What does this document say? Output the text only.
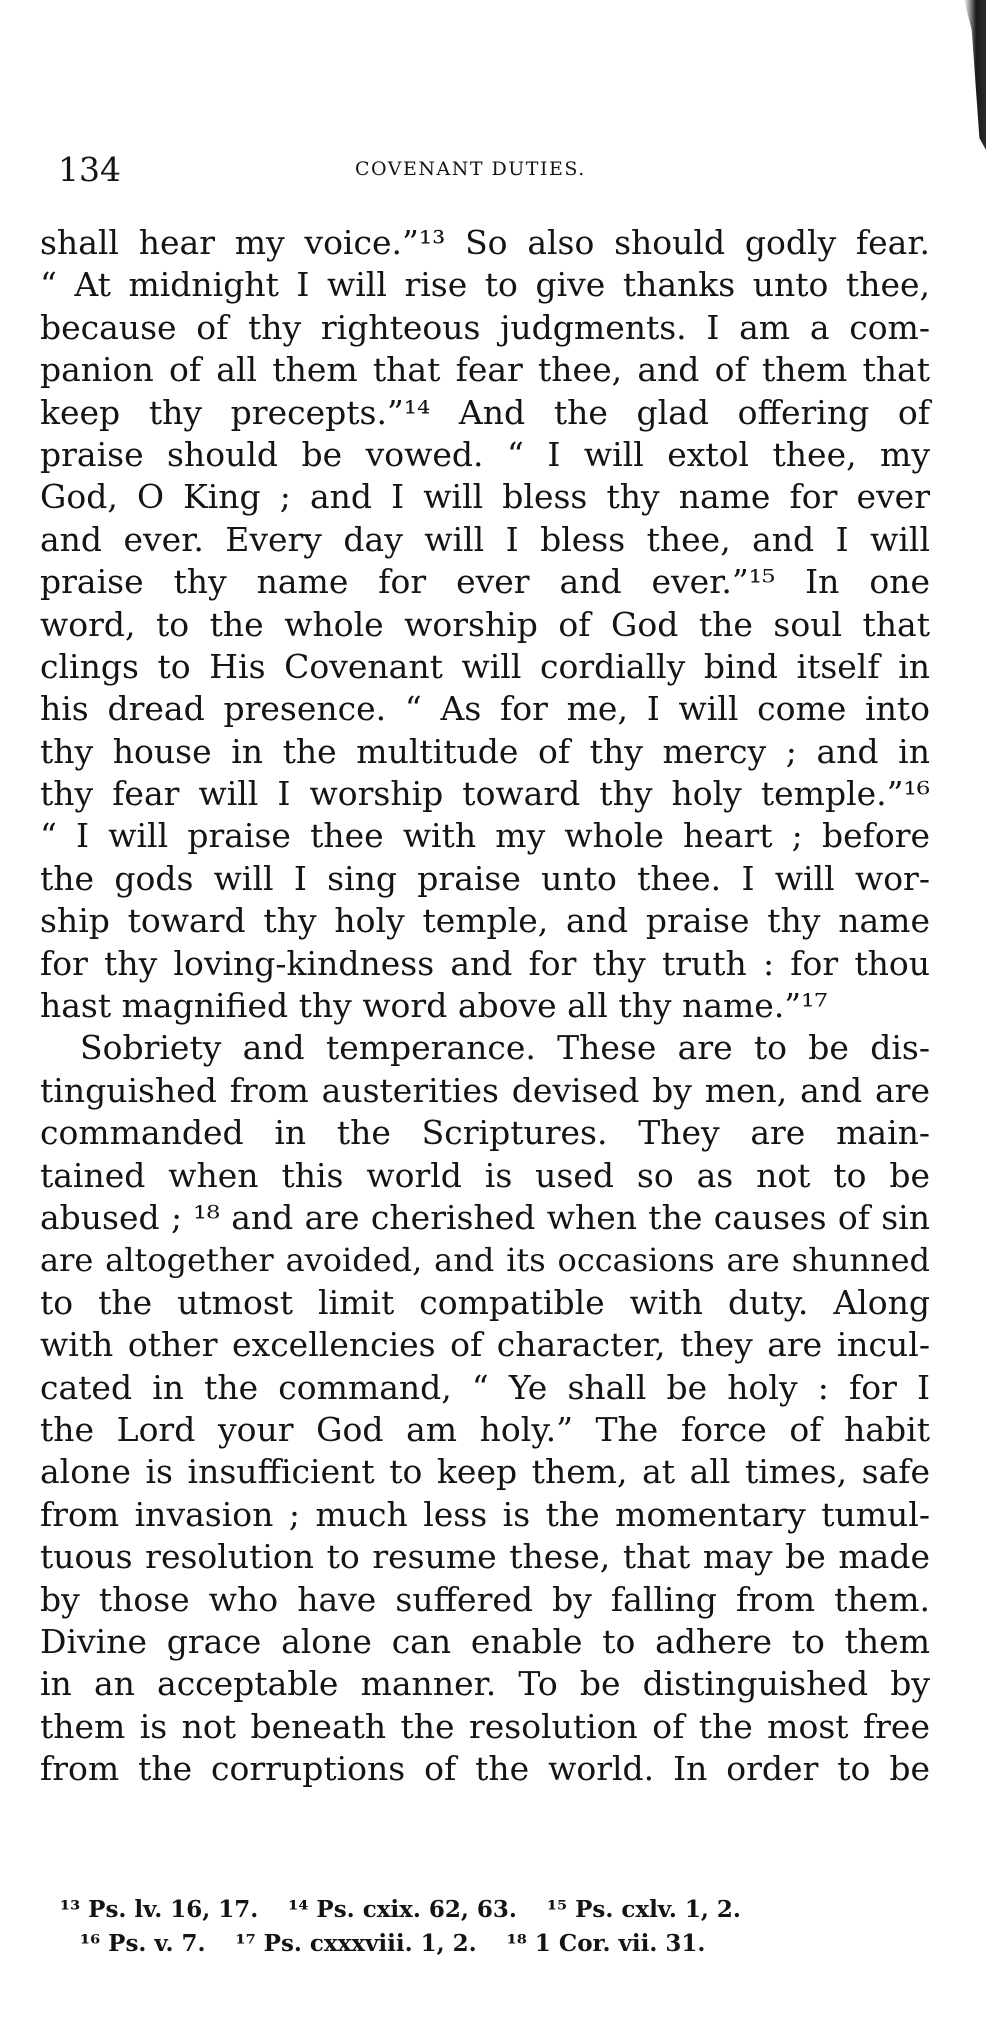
134	COVENANT DUTIES.
shall hear my voice.”¹³ So also should godly fear.
“ At midnight I will rise to give thanks unto thee,
because of thy righteous judgments. I am a com-
panion of all them that fear thee, and of them that
keep thy precepts.”¹⁴ And the glad offering of
praise should be vowed. “ I will extol thee, my
God, O King ; and I will bless thy name for ever
and ever. Every day will I bless thee, and I will
praise thy name for ever and ever.”¹⁵ In one
word, to the whole worship of God the soul that
clings to His Covenant will cordially bind itself in
his dread presence. “ As for me, I will come into
thy house in the multitude of thy mercy ; and in
thy fear will I worship toward thy holy temple.”¹⁶
“ I will praise thee with my whole heart ; before
the gods will I sing praise unto thee. I will wor-
ship toward thy holy temple, and praise thy name
for thy loving-kindness and for thy truth : for thou
hast magnified thy word above all thy name.”¹⁷
Sobriety and temperance. These are to be dis-
tinguished from austerities devised by men, and are
commanded in the Scriptures. They are main-
tained when this world is used so as not to be
abused ; ¹⁸ and are cherished when the causes of sin
are altogether avoided, and its occasions are shunned
to the utmost limit compatible with duty. Along
with other excellencies of character, they are incul-
cated in the command, “ Ye shall be holy : for I
the Lord your God am holy.” The force of habit
alone is insufficient to keep them, at all times, safe
from invasion ; much less is the momentary tumul-
tuous resolution to resume these, that may be made
by those who have suffered by falling from them.
Divine grace alone can enable to adhere to them
in an acceptable manner. To be distinguished by
them is not beneath the resolution of the most free
from the corruptions of the world. In order to be
¹³ Ps. lv. 16, 17. ¹⁴ Ps. cxix. 62, 63. ¹⁵ Ps. cxlv. 1, 2.
¹⁶ Ps. v. 7. ¹⁷ Ps. cxxxviii. 1, 2. ¹⁸ 1 Cor. vii. 31.
